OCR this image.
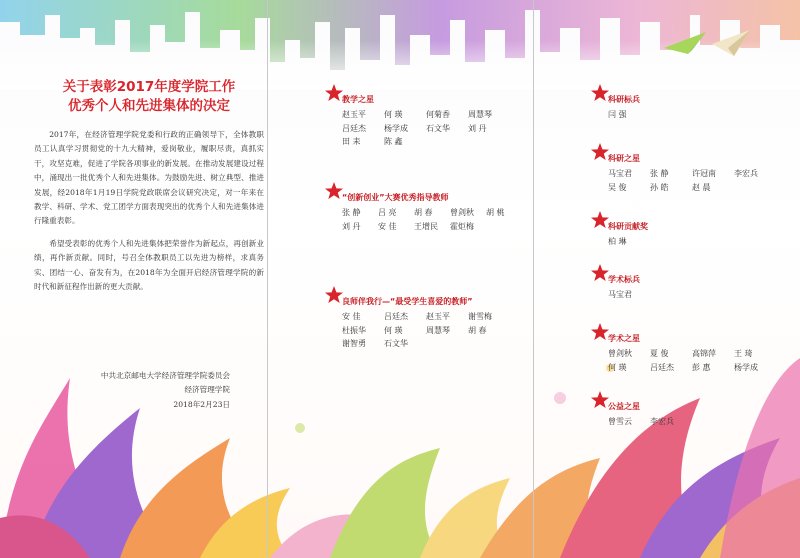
关于表彰2017年度学院工作
优秀个人和先进集体的决定

2017年，在经济管理学院党委和行政的正确领导下，全体教职员工认真学习贯彻党的十九大精神，爱岗敬业，履职尽责，真抓实干，攻坚克难，促进了学院各项事业的新发展。在推动发展建设过程中，涌现出一批优秀个人和先进集体。为鼓励先进、树立典型、推进发展，经2018年1月19日学院党政联席会议研究决定，对一年来在教学、科研、学术、党工团学方面表现突出的优秀个人和先进集体进行隆重表彰。

希望受表彰的优秀个人和先进集体把荣誉作为新起点，再创新业绩，再作新贡献。同时，号召全体教职员工以先进为榜样，求真务实、团结一心、奋发有为，在2018年为全面开启经济管理学院的新时代和新征程作出新的更大贡献。

中共北京邮电大学经济管理学院委员会
经济管理学院
2018年2月23日
教学之星
赵玉平	何 瑛	何菊香	周慧琴
吕廷杰	杨学成	石文华	刘 丹
田 耒	陈 鑫
“创新创业”大赛优秀指导教师
张 静	吕 亮	胡 春	曾剑秋	胡 桃
刘 丹	安 佳	王增民	霍炬梅
良师伴我行—“最受学生喜爱的教师”
安 佳	吕廷杰	赵玉平	谢雪梅
杜振华	何 瑛	周慧琴	胡 春
谢智勇	石文华
科研标兵
闫 强
科研之星
马宝君	张 静	许冠南	李宏兵
吴 俊	孙 皓	赵 晨
科研贡献奖
柏 琳
学术标兵
马宝君
学术之星
曾剑秋	夏 俊	高锦萍	王 琦
何 瑛	吕廷杰	彭 惠	杨学成
公益之星
曾雪云	李宏兵
